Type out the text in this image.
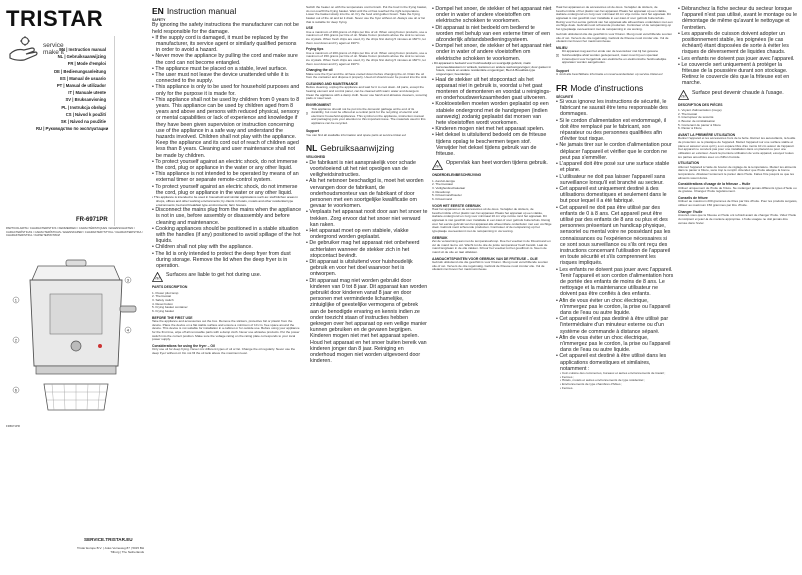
TRISTAR
service
make it
EN | Instruction manual
NL | Gebruiksaanwijzing
FR | Mode d'emploi
DE | Bedienungsanleitung
ES | Manual de usuario
PT | Manual de utilizador
IT | Manuale utente
SV | Bruksanvisning
PL | Instrukcja obsługi
CS | Návod k použití
SK | Návod na použitie
RU | Руководство по эксплуатации
FR-6971PR
PARTICOLARITA / CHARACTERISTICS / KENMERKEN / CARACTÉRISTIQUES / EIGENSCHAFTEN / CARACTERÍSTICAS / CARACTERÍSTICAS / EGENSKAPER / CHARAKTERYSTYKA / CHARAKTERISTIKA / CHARAKTERISTIKA / ХАРАКТЕРИСТИКИ
FR6971PR
SERVICE.TRISTAR.EU
Tristar Europe B.V. | Jules Verneweg 87 | 5015 BH Tilburg | The Netherlands
EN Instruction manual
SAFETY
By ignoring the safety instructions the manufacturer can not be held responsible for the damage.
• If the supply cord is damaged, it must be replaced by the manufacturer, its service agent or similarly qualified persons in order to avoid a hazard.
• Never move the appliance by pulling the cord and make sure the cord can not become entangled.
• The appliance must be placed on a stable, level surface.
• The user must not leave the device unattended while it is connected to the supply.
• This appliance is only to be used for household purposes and only for the purpose it is made for.
• This appliance shall not be used by children from 0 years to 8 years. This appliance can be used by children aged from 8 years and above and persons with reduced physical, sensory or mental capabilities or lack of experience and knowledge if they have been given supervision or instruction concerning use of the appliance in a safe way and understand the hazards involved. Children shall not play with the appliance. Keep the appliance and its cord out of reach of children aged less than 8 years. Cleaning and user maintenance shall not be made by children.
• To protect yourself against an electric shock, do not immerse the cord, plug or appliance in the water or any other liquid.
• This appliance is not intended to be operated by means of an external timer or separate remote-control system.
• To protect yourself against an electric shock, do not immerse the cord, plug or appliance in the water or any other liquid.
• This appliance is intended to be used in household and similar applications such as: staff kitchen areas in shops, offices and other working environments; by clients in hotels, motels and other residential type environments; bed and breakfast type environments; farm houses.
• Disconnect the mains plug from the mains when the appliance is not in use, before assembly or disassembly and before cleaning and maintenance.
• Cooking appliances should be positioned in a stable situation with the handles (if any) positioned to avoid spillage of the hot liquids.
• Children shall not play with the appliance.
• The lid is only intended to protect the deep fryer from dust during storage. Remove the lid when the deep fryer is in operation.
Surfaces are liable to get hot during use.
PARTS DESCRIPTION
1. Power pilot lamp
2. Thermostat
3. Safety switch
4. Reset button
5. Frying basket container
6. Frying basket
BEFORE THE FIRST USE

Take the appliance and accessories out the box. Remove the stickers, protective foil or plastic from the device. Place the device on a flat stable surface and ensure a minimum of 10 cm. free space around the device. This device is not suitable for installation in a cabinet or for outside use. Before using your appliance for the first time, wipe off all removable parts with a damp cloth. Never use abrasive products. Put the power switch into the correct position. Make sure the voltage rating on the rating plate corresponds to your local power supply.

Considerations for using the fryer – Oil

Only use oil for deep frying. Never mix different types of oil or fat. Change the oil regularly. Never use the deep fryer without oil. Do not fill the oil tank above the maximum level.

Switch the heater on with the temperature control knob. Put the food in the frying basket, do not overfill the frying basket. Wait until the oil has reached the right temperature. Lower the basket slowly into the oil. Fry the food until golden brown. Take the frying basket out of the oil and let it drain. Never use the fryer without oil. Always use oil or fat that is suitable for deep frying.

USE

Use a maximum of 200 grams of chips per litre of oil. When using frozen products, use a maximum of 150 grams per litre of oil. Shake frozen products above the sink to remove ice crystals. When fresh chips are used, fry the chips first during 5 minutes at 160°C, let them cool down and fry again at 190°C.

Frying tips

Use a maximum of 200 grams of chips per litre of oil. When using frozen products, use a maximum of 150 grams per litre of oil. Shake frozen products above the sink to remove ice crystals. When fresh chips are used, fry the chips first during 5 minutes at 160°C, let them cool down and fry again at 190°C.

Changing the oil

Make sure the fryer and the oil have cooled down before changing the oil. Drain the oil from the container and dispose it properly. Used oil should never be poured into the sink.

CLEANING AND MAINTENANCE

Before cleaning, unplug the appliance and wait for it to cool down. All parts, except the heating element and control panel, can be cleaned with warm water and detergent. Clean the appliance with a damp cloth. Never use harsh and abrasive cleaners, scouring pads or steel wool.

ENVIRONMENT

This appliance should not be put into the domestic garbage at the end of its durability, but must be offered at a central point for the recycling of electric and electronic household appliances. This symbol on the appliance, instruction manual and packaging puts your attention to this important issue. The materials used in this appliance can be recycled.

Support

You can find all available information and spare parts at service.tristar.eu!

NL Gebruiksaanwijzing
VEILIGHEID
• De fabrikant is niet aansprakelijk voor schade voortvloeiend uit het niet opvolgen van de veiligheidsinstructies.
• Als het netsnoer beschadigd is, moet het worden vervangen door de fabrikant, de onderhoudsmonteur van de fabrikant of door personen met een soortgelijke kwalificatie om gevaar te voorkomen.
• Verplaats het apparaat nooit door aan het snoer te trekken. Zorg ervoor dat het snoer niet verward kan raken.
• Het apparaat moet op een stabiele, vlakke ondergrond worden geplaatst.
• De gebruiker mag het apparaat niet onbeheerd achterlaten wanneer de stekker zich in het stopcontact bevindt.
• Dit apparaat is uitsluitend voor huishoudelijk gebruik en voor het doel waarvoor het is ontworpen.
• Dit apparaat mag niet worden gebruikt door kinderen van 0 tot 8 jaar. Dit apparaat kan worden gebruikt door kinderen vanaf 8 jaar en door personen met verminderde lichamelijke, zintuiglijke of geestelijke vermogens of gebrek aan de benodigde ervaring en kennis indien ze onder toezicht staan of instructies hebben gekregen over het apparaat op een veilige manier kunnen gebruiken en de gevaren begrijpen. Kinderen mogen niet met het apparaat spelen. Houd het apparaat en het snoer buiten bereik van kinderen jonger dan 8 jaar. Reiniging en onderhoud mogen niet worden uitgevoerd door kinderen.
• Dompel het snoer, de stekker of het apparaat niet onder in water of andere vloeistoffen om elektrische schokken te voorkomen.
• Dit apparaat is niet bedoeld om bediend te worden met behulp van een externe timer of een afzonderlijk afstandsbedieningsysteem.
• Dompel het snoer, de stekker of het apparaat niet onder in water of andere vloeistoffen om elektrische schokken te voorkomen.
• Dit apparaat is bedoeld voor huishoudelijk en soortgelijk gebruik, zoals: personeelskeukens in winkels, kantoren en andere werkomgevingen; door gasten in hotels, motels en andere residentiële omgevingen; Bed & Breakfast-type omgevingen; boerderijen.
• Haal de stekker uit het stopcontact als het apparaat niet in gebruik is, voordat u het gaat monteren of demonteren en voordat u reinigings- en onderhoudswerkzaamheden gaat uitvoeren.
• Kooktoestellen moeten worden geplaatst op een stabiele ondergrond met de handgrepen (indien aanwezig) zodanig geplaatst dat morsen van hete vloeistoffen wordt voorkomen.
• Kinderen mogen niet met het apparaat spelen.
• Het deksel is uitsluitend bedoeld om de friteuse tijdens opslag te beschermen tegen stof. Verwijder het deksel tijdens gebruik van de friteuse.
Oppervlak kan heet worden tijdens gebruik.
ONDERDELENBESCHRIJVING
1. Aan/uit-lampje
2. Thermostaat
3. Veiligheidsschakelaar
4. Resetknop
5. Frituurmandhouder
6. Frituurmand
VOOR HET EERSTE GEBRUIK

Haal het apparaat en de accessoires uit de doos. Verwijder de stickers, de beschermfolie of het plastic van het apparaat. Plaats het apparaat op een vlakke, stabiele ondergrond en zorg voor minimaal 10 cm vrije ruimte rond het apparaat. Dit apparaat is niet geschikt voor installatie in een kast of voor gebruik buitenshuis. Reinig voor het eerste gebruik van het apparaat alle afneembare onderdelen met een vochtige doek. Gebruik nooit schurende producten. Controleer of de netspanning op het typeplaatje overeenkomt met de netspanning in uw woning.

GEBRUIK

Zet de verwarming aan met de temperatuurknop. Doe het voedsel in de frituurmand en vul de mand niet te vol. Wacht tot de olie de juiste temperatuur heeft bereikt. Laat de mand langzaam in de olie zakken. Frituur het voedsel tot het goudbruin is. Neem de mand uit de olie en laat uitlekken.

AANDACHTSPUNTEN VOOR GEBRUIK VAN DE FRITEUSE – OLIE

Gebruik uitsluitend olie die geschikt is voor frituren. Meng nooit verschillende soorten olie of vet. Ververs de olie regelmatig. Gebruik de friteuse nooit zonder olie. Vul de olietank niet boven het maximumniveau.

Haal het apparaat en de accessoires uit de doos. Verwijder de stickers, de beschermfolie of het plastic van het apparaat. Plaats het apparaat op een vlakke, stabiele ondergrond en zorg voor minimaal 10 cm vrije ruimte rond het apparaat. Dit apparaat is niet geschikt voor installatie in een kast of voor gebruik buitenshuis. Reinig voor het eerste gebruik van het apparaat alle afneembare onderdelen met een vochtige doek. Gebruik nooit schurende producten. Controleer of de netspanning op het typeplaatje overeenkomt met de netspanning in uw woning.

Gebruik uitsluitend olie die geschikt is voor frituren. Meng nooit verschillende soorten olie of vet. Ververs de olie regelmatig. Gebruik de friteuse nooit zonder olie. Vul de olietank niet boven het maximumniveau.

MILIEU

Dit apparaat mag aan het einde van de levensduur niet bij het gewone huishoudelijke afval worden gedeponeerd, maar moet bij een speciaal inzamelpunt voor hergebruik van elektrische en elektronische huishoudelijke apparaten worden aangeboden.

Support

U vindt alle beschikbare informatie en reserveonderdelen op service.tristar.eu!

FR Mode d'instructions
SÉCURITÉ
• Si vous ignorez les instructions de sécurité, le fabricant ne saurait être tenu responsable des dommages.
• Si le cordon d'alimentation est endommagé, il doit être remplacé par le fabricant, son réparateur ou des personnes qualifiées afin d'éviter tout risque.
• Ne jamais tirer sur le cordon d'alimentation pour déplacer l'appareil et vérifier que le cordon ne peut pas s'emmêler.
• L'appareil doit être posé sur une surface stable et plane.
• L'utilisateur ne doit pas laisser l'appareil sans surveillance lorsqu'il est branché au secteur.
• Cet appareil est uniquement destiné à des utilisations domestiques et seulement dans le but pour lequel il a été fabriqué.
• Cet appareil ne doit pas être utilisé par des enfants de 0 à 8 ans. Cet appareil peut être utilisé par des enfants de 8 ans ou plus et des personnes présentant un handicap physique, sensoriel ou mental voire ne possédant pas les connaissances ou l'expérience nécessaires si ce sont sous surveillance ou s'ils ont reçu des instructions concernant l'utilisation de l'appareil en toute sécurité et s'ils comprennent les risques impliqués.
• Les enfants ne doivent pas jouer avec l'appareil. Tenir l'appareil et son cordon d'alimentation hors de portée des enfants de moins de 8 ans. Le nettoyage et la maintenance utilisateur ne doivent pas être confiés à des enfants.
• Afin de vous éviter un choc électrique, n'immergez pas le cordon, la prise ou l'appareil dans de l'eau ou autre liquide.
• Cet appareil n'est pas destiné à être utilisé par l'intermédiaire d'un minuteur externe ou d'un système de commande à distance séparé.
• Afin de vous éviter un choc électrique, n'immergez pas le cordon, la prise ou l'appareil dans de l'eau ou autre liquide.
• Cet appareil est destiné à être utilisé dans les applications domestiques et similaires, notamment :
• Coin cuisine des commerces, bureaux et autres environnements de travail ;
• Fermes ;
• Hôtels, motels et autres environnements de type résidentiel ;
• Environnements de type chambres d'hôtes ;
• Fermes.
• Débranchez la fiche secteur du secteur lorsque l'appareil n'est pas utilisé, avant le montage ou le démontage de même qu'avant le nettoyage et l'entretien.
• Les appareils de cuisson doivent adopter un positionnement stable, les poignées (le cas échéant) étant disposées de sorte à éviter les risques de déversement de liquides chauds.
• Les enfants ne doivent pas jouer avec l'appareil.
• Le couvercle sert uniquement à protéger la friteuse de la poussière durant son stockage. Retirez le couvercle dès que la friteuse est en marche.
Surface peut devenir chaude à l'usage.
DESCRIPTION DES PIÈCES
1. Voyant d'alimentation (rouge)
2. Thermostat
3. Interrupteur de sécurité
4. Bouton de réinitialisation
5. Contenant de panier à friture
6. Panier à friture
AVANT LA PREMIÈRE UTILISATION

Retirez l'appareil et les accessoires hors de la boîte. Retirez les autocollants, la feuille de protection ou le plastique de l'appareil. Mettez l'appareil sur une surface stable et plane et assurez-vous qu'il y a un espace libre d'au moins 10 cm autour de l'appareil. Cet appareil ne convient pas pour une installation dans un placard ou pour une utilisation en extérieur. Avant la première utilisation de votre appareil, essuyez toutes les parties amovibles avec un chiffon humide.

UTILISATION

Allumez l'appareil à l'aide du bouton de réglage de la température. Mettez les aliments dans le panier à friture, sans trop le remplir. Attendez que l'huile atteigne la bonne température. Abaissez lentement le panier dans l'huile. Faites frire jusqu'à ce que les aliments soient dorés.

Considérations d'usage de la friteuse – Huile

Utilisez uniquement de l'huile de friture. Ne mélangez jamais différents types d'huile ou de graisse. Changez l'huile régulièrement.

Conseils de friture

Utilisez au maximum 200 grammes de frites par litre d'huile. Pour les produits surgelés, utilisez au maximum 150 grammes par litre d'huile.

Changer l'huile

Assurez-vous que la friteuse et l'huile ont refroidi avant de changer l'huile. Videz l'huile du récipient et jetez-la de manière appropriée. L'huile usagée ne doit jamais être versée dans l'évier.

1
2
3
4
6
